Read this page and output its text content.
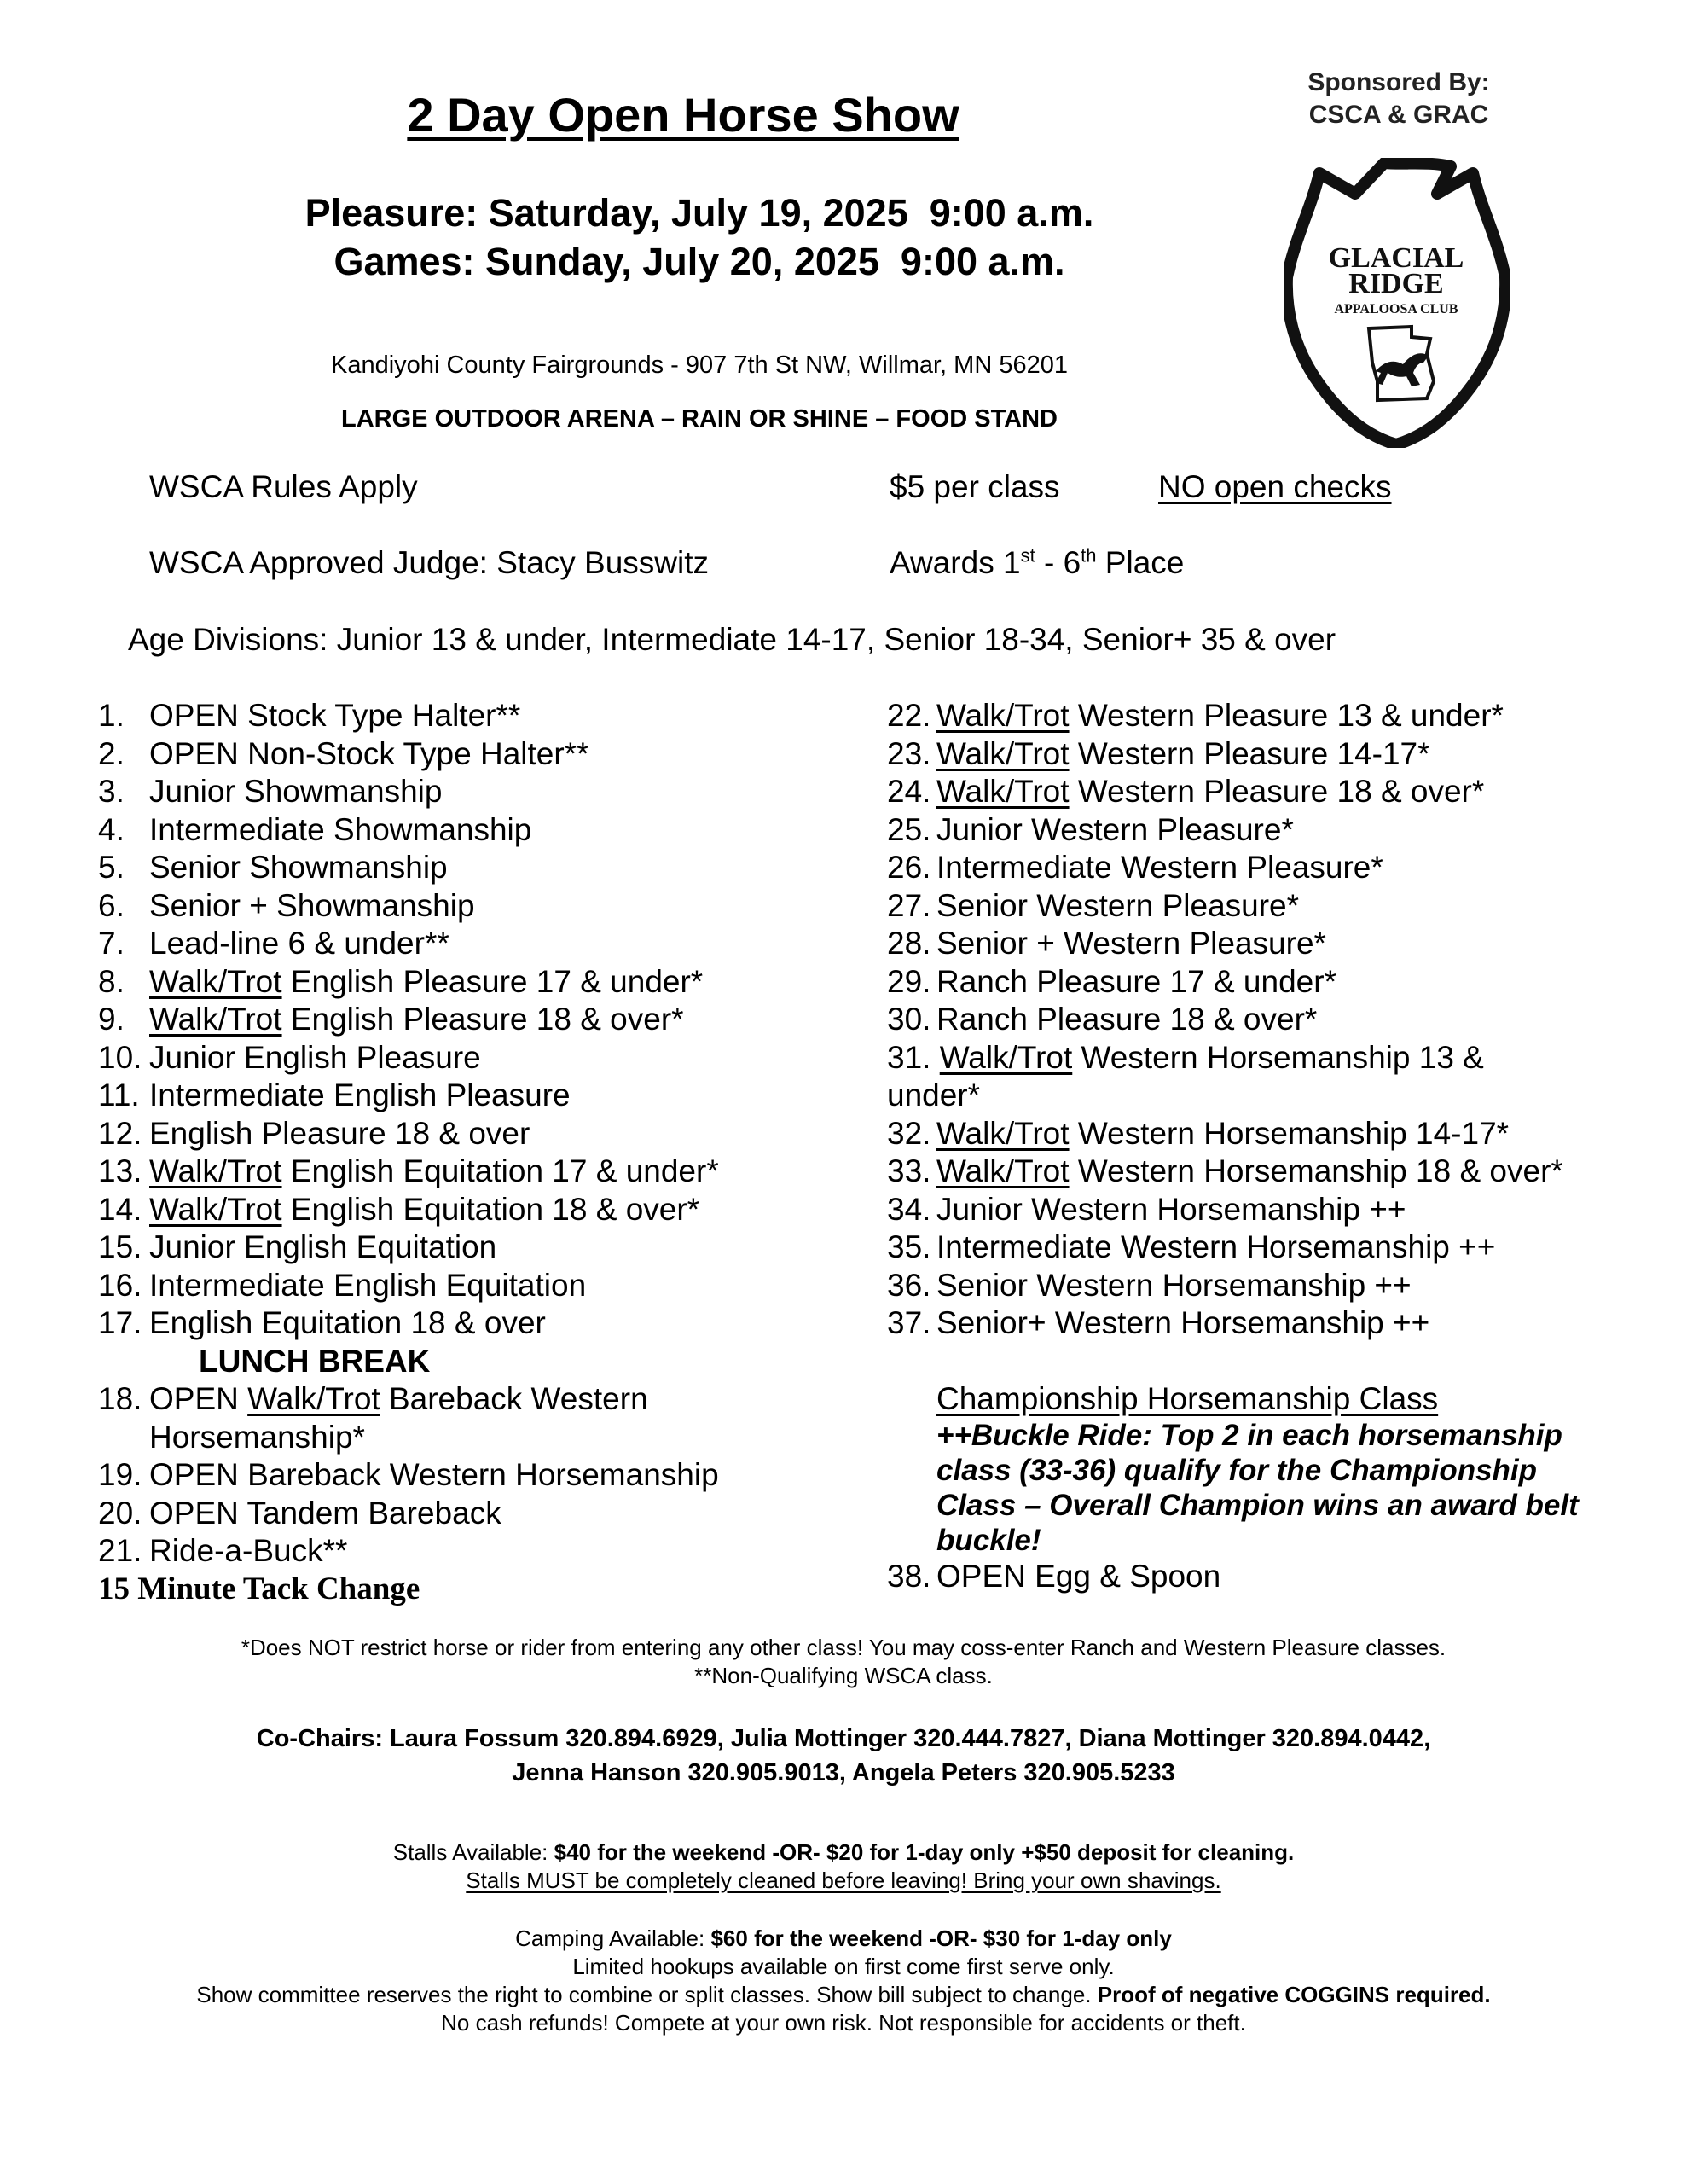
Sponsored By:
CSCA & GRAC
GLACIAL
RIDGE
APPALOOSA CLUB
2 Day Open Horse Show
Pleasure: Saturday, July 19, 2025  9:00 a.m.
Games: Sunday, July 20, 2025  9:00 a.m.
Kandiyohi County Fairgrounds - 907 7th St NW, Willmar, MN 56201
LARGE OUTDOOR ARENA – RAIN OR SHINE – FOOD STAND
WSCA Rules Apply	$5 per class	NO open checks
WSCA Approved Judge: Stacy Busswitz	Awards 1st - 6th Place
Age Divisions: Junior 13 & under, Intermediate 14-17, Senior 18-34, Senior+ 35 & over
1. OPEN Stock Type Halter**
2. OPEN Non-Stock Type Halter**
3. Junior Showmanship
4. Intermediate Showmanship
5. Senior Showmanship
6. Senior + Showmanship
7. Lead-line 6 & under**
8. Walk/Trot English Pleasure 17 & under*
9. Walk/Trot English Pleasure 18 & over*
10. Junior English Pleasure
11. Intermediate English Pleasure
12. English Pleasure 18 & over
13. Walk/Trot English Equitation 17 & under*
14. Walk/Trot English Equitation 18 & over*
15. Junior English Equitation
16. Intermediate English Equitation
17. English Equitation 18 & over
LUNCH BREAK
18. OPEN Walk/Trot Bareback Western
Horsemanship*
19. OPEN Bareback Western Horsemanship
20. OPEN Tandem Bareback
21. Ride-a-Buck**
15 Minute Tack Change
22. Walk/Trot Western Pleasure 13 & under*
23. Walk/Trot Western Pleasure 14-17*
24. Walk/Trot Western Pleasure 18 & over*
25. Junior Western Pleasure*
26. Intermediate Western Pleasure*
27. Senior Western Pleasure*
28. Senior + Western Pleasure*
29. Ranch Pleasure 17 & under*
30. Ranch Pleasure 18 & over*
31. Walk/Trot Western Horsemanship 13 &
under*
32. Walk/Trot Western Horsemanship 14-17*
33. Walk/Trot Western Horsemanship 18 & over*
34. Junior Western Horsemanship ++
35. Intermediate Western Horsemanship ++
36. Senior Western Horsemanship ++
37. Senior+ Western Horsemanship ++
Championship Horsemanship Class
++Buckle Ride: Top 2 in each horsemanship class (33-36) qualify for the Championship Class – Overall Champion wins an award belt buckle!
38. OPEN Egg & Spoon
*Does NOT restrict horse or rider from entering any other class! You may coss-enter Ranch and Western Pleasure classes.
**Non-Qualifying WSCA class.
Co-Chairs: Laura Fossum 320.894.6929, Julia Mottinger 320.444.7827, Diana Mottinger 320.894.0442,
Jenna Hanson 320.905.9013, Angela Peters 320.905.5233
Stalls Available: $40 for the weekend -OR- $20 for 1-day only +$50 deposit for cleaning.
Stalls MUST be completely cleaned before leaving! Bring your own shavings.
Camping Available: $60 for the weekend -OR- $30 for 1-day only
Limited hookups available on first come first serve only.
Show committee reserves the right to combine or split classes. Show bill subject to change. Proof of negative COGGINS required.
No cash refunds! Compete at your own risk. Not responsible for accidents or theft.
